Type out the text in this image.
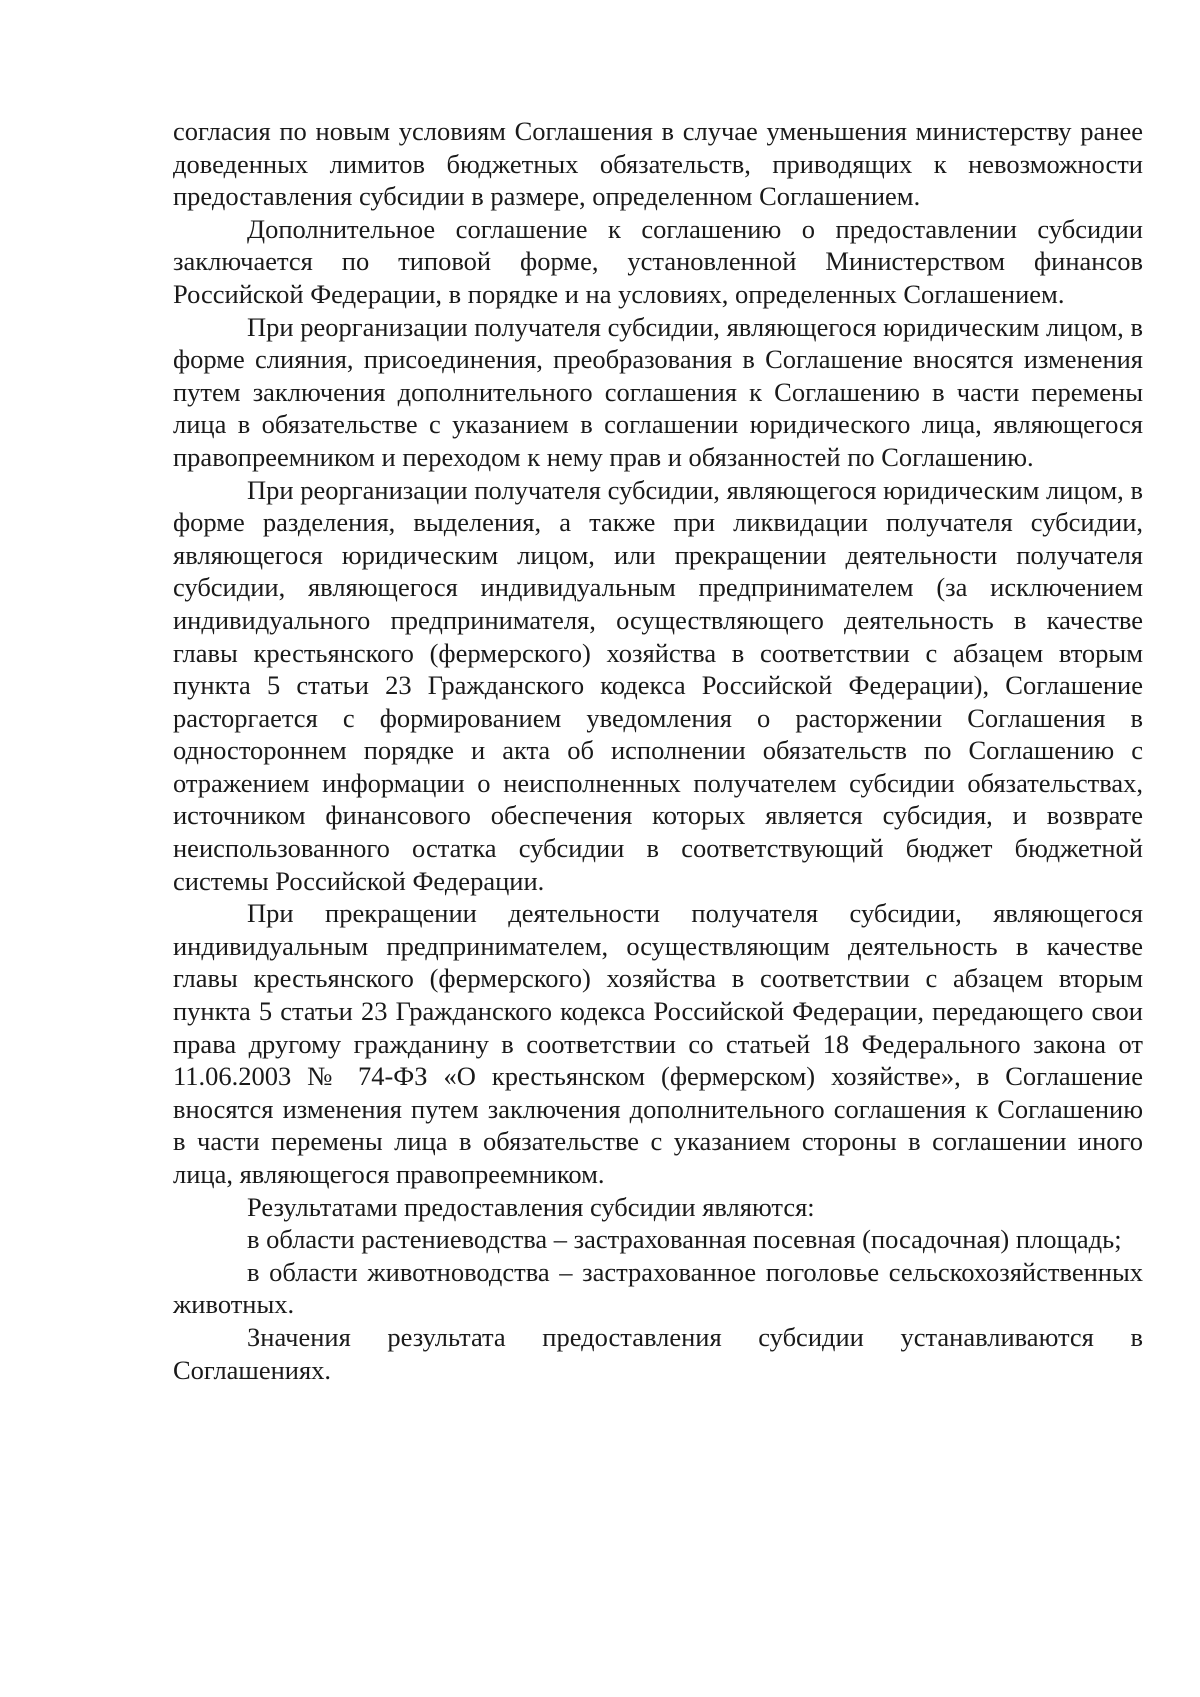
согласия по новым условиям Соглашения в случае уменьшения министерству ранее доведенных лимитов бюджетных обязательств, приводящих к невозможности предоставления субсидии в размере, определенном Соглашением.

Дополнительное соглашение к соглашению о предоставлении субсидии заключается по типовой форме, установленной Министерством финансов Российской Федерации, в порядке и на условиях, определенных Соглашением.

При реорганизации получателя субсидии, являющегося юридическим лицом, в форме слияния, присоединения, преобразования в Соглашение вносятся изменения путем заключения дополнительного соглашения к Соглашению в части перемены лица в обязательстве с указанием в соглашении юридического лица, являющегося правопреемником и переходом к нему прав и обязанностей по Соглашению.

При реорганизации получателя субсидии, являющегося юридическим лицом, в форме разделения, выделения, а также при ликвидации получателя субсидии, являющегося юридическим лицом, или прекращении деятельности получателя субсидии, являющегося индивидуальным предпринимателем (за исключением индивидуального предпринимателя, осуществляющего деятельность в качестве главы крестьянского (фермерского) хозяйства в соответствии с абзацем вторым пункта 5 статьи 23 Гражданского кодекса Российской Федерации), Соглашение расторгается с формированием уведомления о расторжении Соглашения в одностороннем порядке и акта об исполнении обязательств по Соглашению с отражением информации о неисполненных получателем субсидии обязательствах, источником финансового обеспечения которых является субсидия, и возврате неиспользованного остатка субсидии в соответствующий бюджет бюджетной системы Российской Федерации.

При прекращении деятельности получателя субсидии, являющегося индивидуальным предпринимателем, осуществляющим деятельность в качестве главы крестьянского (фермерского) хозяйства в соответствии с абзацем вторым пункта 5 статьи 23 Гражданского кодекса Российской Федерации, передающего свои права другому гражданину в соответствии со статьей 18 Федерального закона от 11.06.2003 № 74-ФЗ «О крестьянском (фермерском) хозяйстве», в Соглашение вносятся изменения путем заключения дополнительного соглашения к Соглашению в части перемены лица в обязательстве с указанием стороны в соглашении иного лица, являющегося правопреемником.

Результатами предоставления субсидии являются:

в области растениеводства – застрахованная посевная (посадочная) площадь;

в области животноводства – застрахованное поголовье сельскохозяйственных животных.

Значения результата предоставления субсидии устанавливаются в Соглашениях.
